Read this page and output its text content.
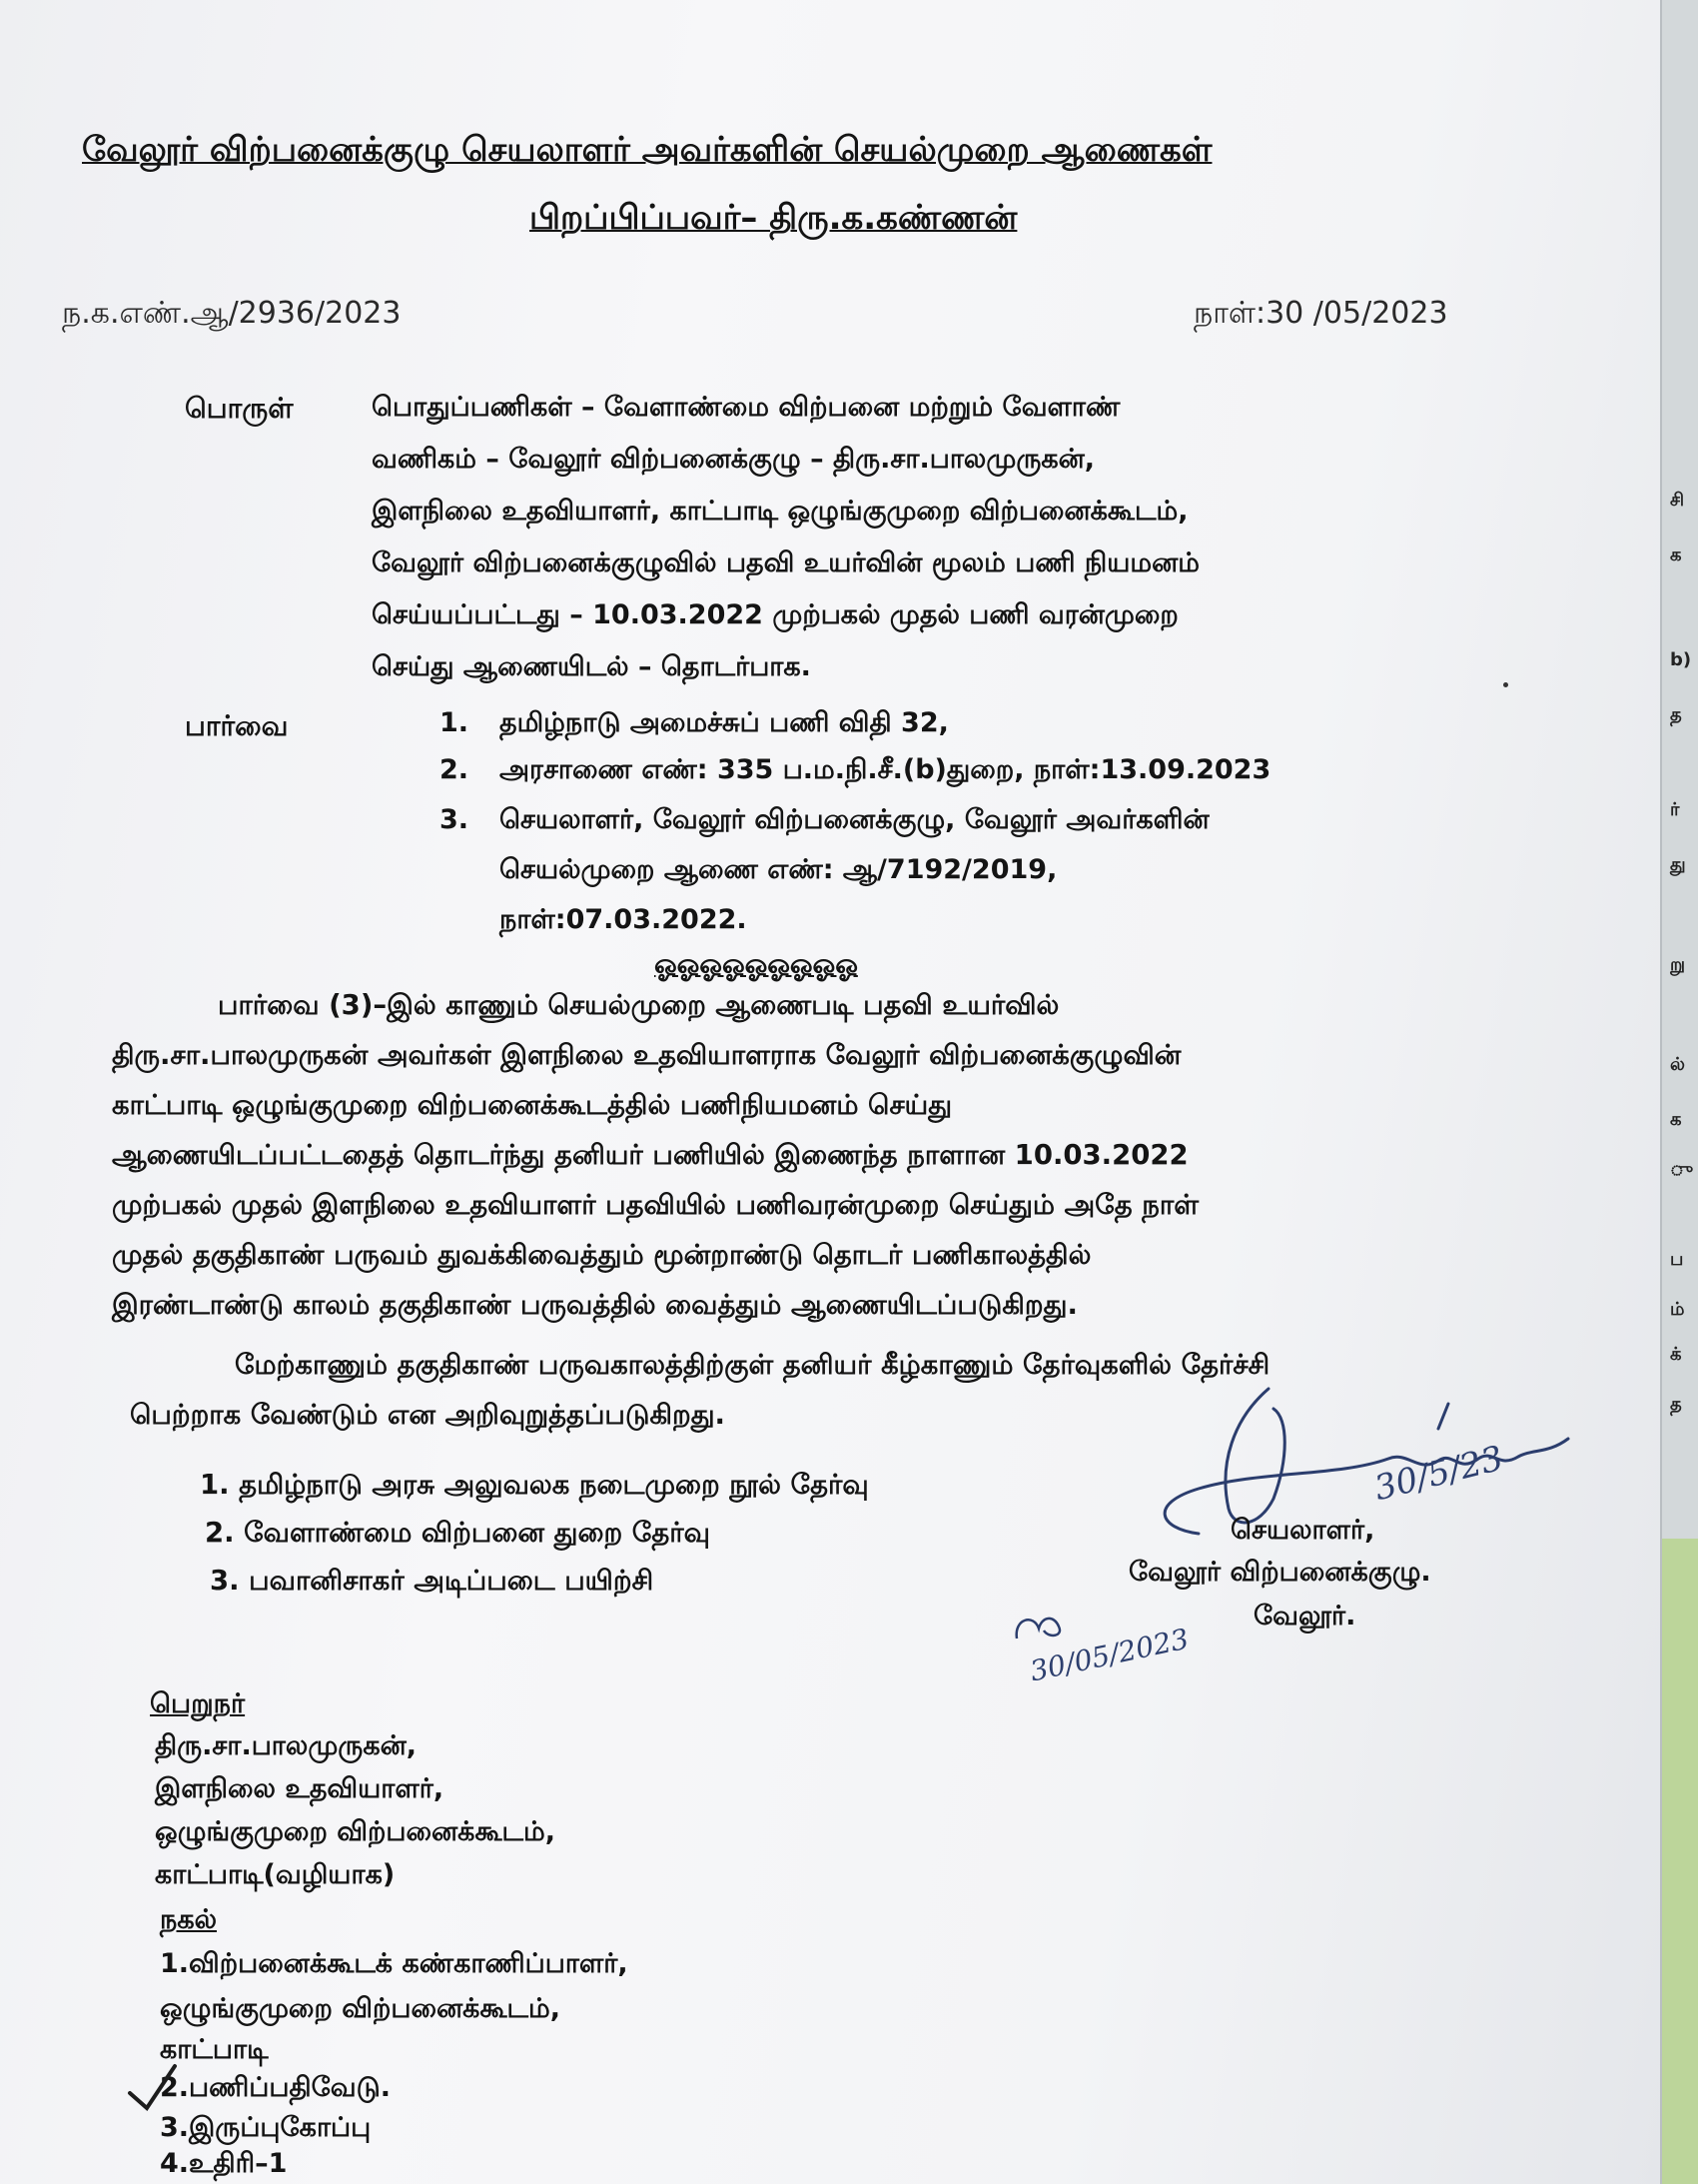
வேலூர் விற்பனைக்குழு செயலாளர் அவர்களின் செயல்முறை ஆணைகள்
பிறப்பிப்பவர்– திரு.க.கண்ணன்
ந.க.எண்.ஆ/2936/2023	நாள்:30 /05/2023
பொருள்	பொதுப்பணிகள் – வேளாண்மை விற்பனை மற்றும் வேளாண்
வணிகம் – வேலூர் விற்பனைக்குழு – திரு.சா.பாலமுருகன்,
இளநிலை உதவியாளர், காட்பாடி ஒழுங்குமுறை விற்பனைக்கூடம்,
வேலூர் விற்பனைக்குழுவில் பதவி உயர்வின் மூலம் பணி நியமனம்
செய்யப்பட்டது – 10.03.2022 முற்பகல் முதல் பணி வரன்முறை
செய்து ஆணையிடல் – தொடர்பாக.
பார்வை	1. தமிழ்நாடு அமைச்சுப் பணி விதி 32,
2. அரசாணை எண்: 335 ப.ம.நி.சீ.(b)துறை, நாள்:13.09.2023
3. செயலாளர், வேலூர் விற்பனைக்குழு, வேலூர் அவர்களின்
செயல்முறை ஆணை எண்: ஆ/7192/2019,
நாள்:07.03.2022.
ஓஓஓஓஓஓஓஓஓ
பார்வை (3)–இல் காணும் செயல்முறை ஆணைபடி பதவி உயர்வில்
திரு.சா.பாலமுருகன் அவர்கள் இளநிலை உதவியாளராக வேலூர் விற்பனைக்குழுவின்
காட்பாடி ஒழுங்குமுறை விற்பனைக்கூடத்தில் பணிநியமனம் செய்து
ஆணையிடப்பட்டதைத் தொடர்ந்து தனியர் பணியில் இணைந்த நாளான 10.03.2022
முற்பகல் முதல் இளநிலை உதவியாளர் பதவியில் பணிவரன்முறை செய்தும் அதே நாள்
முதல் தகுதிகாண் பருவம் துவக்கிவைத்தும் மூன்றாண்டு தொடர் பணிகாலத்தில்
இரண்டாண்டு காலம் தகுதிகாண் பருவத்தில் வைத்தும் ஆணையிடப்படுகிறது.
மேற்காணும் தகுதிகாண் பருவகாலத்திற்குள் தனியர் கீழ்காணும் தேர்வுகளில் தேர்ச்சி
பெற்றாக வேண்டும் என அறிவுறுத்தப்படுகிறது.
1. தமிழ்நாடு அரசு அலுவலக நடைமுறை நூல் தேர்வு
2. வேளாண்மை விற்பனை துறை தேர்வு
3. பவானிசாகர் அடிப்படை பயிற்சி
30/5/23
செயலாளர்,
வேலூர் விற்பனைக்குழு.
வேலூர்.
30/05/2023
பெறுநர்
திரு.சா.பாலமுருகன்,
இளநிலை உதவியாளர்,
ஒழுங்குமுறை விற்பனைக்கூடம்,
காட்பாடி(வழியாக)
நகல்
1.விற்பனைக்கூடக் கண்காணிப்பாளர்,
ஒழுங்குமுறை விற்பனைக்கூடம்,
காட்பாடி
2.பணிப்பதிவேடு.
3.இருப்புகோப்பு
4.உதிரி–1
சி
க
b)
த
ர்
து
று
ல்
க
ு
ப
ம்
க்
த
